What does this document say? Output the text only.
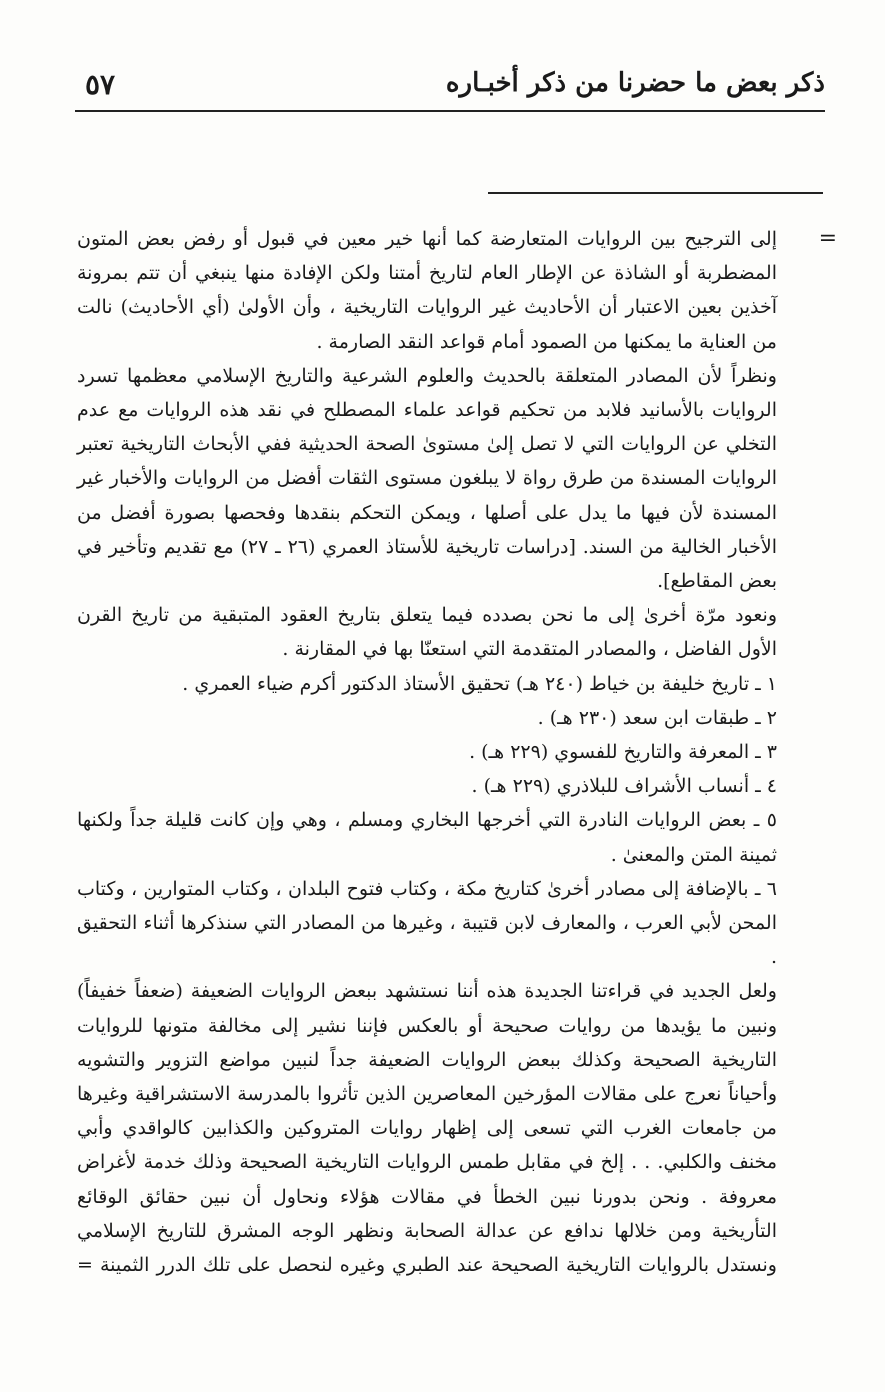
ذكر بعض ما حضرنا من ذكر أخبـاره
٥٧
=

إلى الترجيح بين الروايات المتعارضة كما أنها خير معين في قبول أو رفض بعض المتون المضطربة أو الشاذة عن الإطار العام لتاريخ أمتنا ولكن الإفادة منها ينبغي أن تتم بمرونة آخذين بعين الاعتبار أن الأحاديث غير الروايات التاريخية ، وأن الأولىٰ (أي الأحاديث) نالت من العناية ما يمكنها من الصمود أمام قواعد النقد الصارمة .

ونظراً لأن المصادر المتعلقة بالحديث والعلوم الشرعية والتاريخ الإسلامي معظمها تسرد الروايات بالأسانيد فلابد من تحكيم قواعد علماء المصطلح في نقد هذه الروايات مع عدم التخلي عن الروايات التي لا تصل إلىٰ مستوىٰ الصحة الحديثية ففي الأبحاث التاريخية تعتبر الروايات المسندة من طرق رواة لا يبلغون مستوى الثقات أفضل من الروايات والأخبار غير المسندة لأن فيها ما يدل على أصلها ، ويمكن التحكم بنقدها وفحصها بصورة أفضل من الأخبار الخالية من السند. [دراسات تاريخية للأستاذ العمري (٢٦ ـ ٢٧) مع تقديم وتأخير في بعض المقاطع].

ونعود مرّة أخرىٰ إلى ما نحن بصدده فيما يتعلق بتاريخ العقود المتبقية من تاريخ القرن الأول الفاضل ، والمصادر المتقدمة التي استعنّا بها في المقارنة .

١ ـ تاريخ خليفة بن خياط (٢٤٠ هـ) تحقيق الأستاذ الدكتور أكرم ضياء العمري .

٢ ـ طبقات ابن سعد (٢٣٠ هـ) .

٣ ـ المعرفة والتاريخ للفسوي (٢٢٩ هـ) .

٤ ـ أنساب الأشراف للبلاذري (٢٢٩ هـ) .

٥ ـ بعض الروايات النادرة التي أخرجها البخاري ومسلم ، وهي وإن كانت قليلة جداً ولكنها ثمينة المتن والمعنىٰ .

٦ ـ بالإضافة إلى مصادر أخرىٰ كتاريخ مكة ، وكتاب فتوح البلدان ، وكتاب المتوارين ، وكتاب المحن لأبي العرب ، والمعارف لابن قتيبة ، وغيرها من المصادر التي سنذكرها أثناء التحقيق .

ولعل الجديد في قراءتنا الجديدة هذه أننا نستشهد ببعض الروايات الضعيفة (ضعفاً خفيفاً) ونبين ما يؤيدها من روايات صحيحة أو بالعكس فإننا نشير إلى مخالفة متونها للروايات التاريخية الصحيحة وكذلك ببعض الروايات الضعيفة جداً لنبين مواضع التزوير والتشويه وأحياناً نعرج على مقالات المؤرخين المعاصرين الذين تأثروا بالمدرسة الاستشراقية وغيرها من جامعات الغرب التي تسعى إلى إظهار روايات المتروكين والكذابين كالواقدي وأبي مخنف والكلبي. . . إلخ في مقابل طمس الروايات التاريخية الصحيحة وذلك خدمة لأغراض معروفة . ونحن بدورنا نبين الخطأ في مقالات هؤلاء ونحاول أن نبين حقائق الوقائع التأريخية ومن خلالها ندافع عن عدالة الصحابة ونظهر الوجه المشرق للتاريخ الإسلامي ونستدل بالروايات التاريخية الصحيحة عند الطبري وغيره لنحصل على تلك الدرر الثمينة =
